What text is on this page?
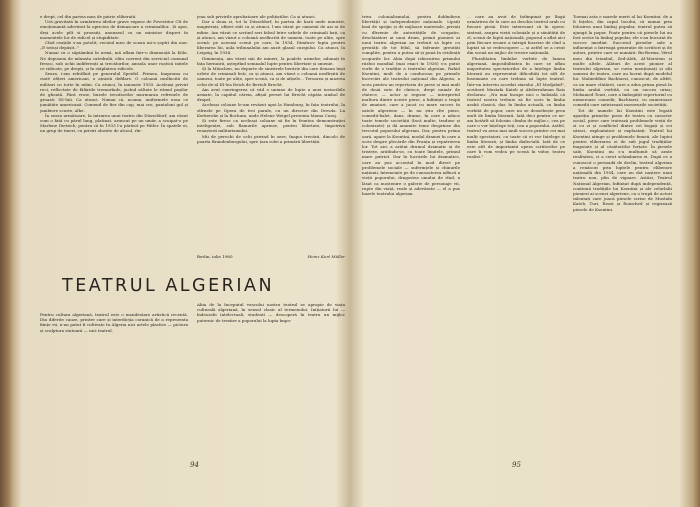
e drept, cel din partea mea de patrie eliberată.

Ură gravitată în urmărirea ideilor grave expuse de Povestitor Cît de emoționantă adevărat la apriciea de demascare a criminalilor.. Și apoi, deși acele pilt si proeaiți, anunaeul cu un ministor dispret în momentele lor de ridicol și stupiditate.

Cînd ovațiile s-au potolit, vecinul meu de scaun mi-a șoptit din nou: „E totuși depășit.."

Numai cu o săptămînă în urmă, mă aflam într-o dimineață la Köln. Ne depusem de mîunsta catedrală, eliiu coerent din serviciul comunal fresco, sub ochii indiferenți ai trecătorilor, amsola unor ruștică inițele ce ridicate, pe drepți, și în stăpînirea ridicole.

Seara, i-am reîntîlnit pe generalul Speidel. Primea, înaproma cu ciaté ofițeri americani, o ațnistă defilare. O coloană neslîncită de militari cu torte în mîini. Ca atunci, în ianuarie 1933. Aceleași priviri reci, reflectate de fălăriile tremurînde, jucînd săltate le ritmul pașilor de gheată. Fără vroie, buzele trecătorilor murmurau refrenele de groază: SS-luii. Ca atunci. Numai că, acuma, uniformele erau ce jumătăte americană. Comend de fier din cap, mai cru, pantaloni gul și jambiere scurte, albe.

În seara următoare, la intrarea unui teatru din Düsseldorf, am văzut cum o fată cu părul lung, platinat, aruncat pe un umăr, a scuipat-o pe Marlene Dietrich, pentru că în 1933 l-a părăsit pe Hitler. În spatele ei, un grup de tineri, cu priviri obosite de alcool, rîn-

jeau sub privirile aprobatoare ale polițiștilor. Ca și atunci.

Dar a doua zi, tot la Düsseldorf, în partea de bară unde ministri, magistrați, ofițeri stăt ca și atunci, l-am văzut pe oamenii de azi ai de mîine. Am văzut ce scriind seri falsul între urbele de criminali bați, ca și atunci, am văzut o coloană neslîncită de oameni, toate pe ulițe, spre scenă: pe aceeași scenă pe care, la 1934, Dimitrov lupta pentru liberarea lui, aula tribunalului am auzit glasul curajului. Ca atunci, la Leipzig, în 1934.

Dimineața, am văzut mii de mineri, la poalele uzinelor, adunați în fața hernuirii, așteptînd semnalul lupte pentru libertate și omenie.

Și la München, nu departe de sinistrele berărie din care ilenaun înșii urlete de criminali beți, ca și atunci, am văzut o coloană nesfîrșită de oameni, toate pe ulițe, spre scenă, ca și de afișele... Teroarea și mizeria celui de-al III-lea Reich de Bertolt Brecht.

Am avut convingerea că văd o uniune de lupte a unei invincibile armate, la capătul căreia, afișul preset lui Brecht căpăta simbol de drapel.

Aceleași coloane le-am revăzut apoi la Hamburg, în fața teatrului, la stîrnele pe Opera de trei parale, cu un director din Dresda. La Kerkerobe și la Bochum, unde Helene Weigel prezenta Mama Curaj.

Și este firesc ca aceleași coloane să fie în fruntea demonstrației inteligenței, sub flamurile aprinse, pentru libertate, împotriva renașterii militarismului.

Mii de perechi de ochi privind în sere, înapoi trecării, dincolo de poarta Brandenburgului, spre țara rolei a primării libertății.

Berlin, iulie 1960	Heinz Kurt Müller
TEATRUL ALGERIAN

Pentru cultura algeriană, teatrul este o manifestare artistică recentă. Din diferite cauze, printre care și interdicția coranică de a reprezenta ființe vii, n-au putut fi cultivate în Algeria nici artele plastice — pictura și sculptura statuară — nici teatrul.

Abia de la începutul veacului nostru teatrul se apropie de viața culturală algeriană, în sensul clasic al termenului. Inițiatorii lui — îndeosebi intelectuali, studenti — descoperă în teatru un mijloc puternic de treziire a poporului la lupta împo-

94

triva colonialismului, pentru dobîndirea libertății și independenței naționale. Lipsiți însă de sprijin și de mijloace materiale, privați cu dîrzenie de autoritățile de ocupație, deschizători ai unui drum, primii pionieri ai unui teatru algerian au trebuit să lupte cu greutăți de tot felul, să înfrunte greutăți cumplite, pentru a putea să-și pună în evidență scopurile lor. Abia după izbucnirea primului război mondial (mai exact în 1926) s-a putut vorbi de o tradiție a teatrului algerian. Rahid Ksentini, mult de a conduceau pe primele încercări ale teatrului național din Algeria, a scris pentru un repertoriu de piese și mai mult de două sute de cîntece, drept număr de cîntece, — actor și regizor — interpretul multora dintre aceste piese, a înființat o trupă de amatori, care a jucat cu mare succes în satele algeriene — în nu știu cîte piese, comedii-balet, dans, drame, în care a aduce toate temele societății (încă multe, traduse și colonizate) și dă anumite teme desprinse din trecutul poporului algerian. Dar, pentru prima oară, apare la Ksentini, modul dramei în care a scris despre plecările din Franța și repatrierea lor. Tot aici a arătat drumul dramatic și de tristețe, arătîndu-se, cu toate limitele, primul mare patriot. Dar în lucrările lui dramatice, care au pus accentul în mod direct pe problemele sociale — suferințele și chinurile națiunii, întemeiate pe de cunoașterea adîncă a vieții poporului, dragostea omului de rînd, a lăsat ca moștenire o galerie de personaje vii, rupte din viață, reale și adevărate — el a pus bazele teatrului algerian.

... care au avut de întîmpinat pe lîngă urmărirea de la care au deschis teatrul arab cu fiecare piesă. Este interesant că în opera-sinteză, asupra vieții coloniale și a sănătății de el, scenă de luptă națională, poporul a aflat aici prin fiecare eroare a intrigii înscrise de cînd a luptat să se redescopere — și astfel se a creat din scenă un mijloc de trezire națională.

Pluralitatea limbilor vorbite de lumea algeriană, imposibilitatea în care se aflau majoritatea spectatorilor de a înțelege limba literară au reprezentat dificultăți tot atît de însemnate cu care trebuia să lupte teatrul. Într-un interviu acordat ziarului „El Modjahid", scriitorii Mustafa Kateb și Abderrahman Rais declarau: „Nu mai încape nici o îndoială că teatrul nostru trebuie să fie scris în limba arabă clasică, dar, în limba actuală, cu limba vorbită de popor, care nu se deosebește prea mult de limba literară. Iată deci pentru ce ne-am hotărît să folosim «limba de mijloc», cea pe care o vor înțelege toți, cea a poporului. Astfel, teatrul va avea mai mult succes printre cei mai mulți spectatori, cu toate că ei vor înțelege și limba literară, și limba dialectală. Iată de ce este atît de importantă opera scriitorilor pe care îi vom vedea pe scenă în viitor, teatru realist."

Toemai asta e marele merit al lui Ksentini: de a fi înțeles, din capul locului, că numai prin folosirea unui limbaj popular, teatrul putea să ajungă la popor. Poate pentru că piesele lui au fost scrise în limbaj popular, ele s-au bucurat de succes imediat. Succesul pieselor sale a influențat o întreagă generație de scriitori și de autori, printre care se numără: Bu-Borma, Vérul meu din Istanbul, Zed-Alek, Al-Morstem și multe altele. Alături de acest pionier al teatrului algerian, se cuvin menționați și alți oameni de teatru, care au lucrat după modelul lui: Mahieddine Bachtarzi, cunoscut, de altfel, ca un mare cîntăreț, care a adus prima piesă în limba arabă vorbită, cu un succes uriaș; Mohamed Touri, care a îmbogățit repertoriul cu numeroase comedii; Bachtarzi, cu numeroase comedii care satirizează moravurile societății.

Tot de numele lui Ksentini este legată apariția primelor piese de teatru cu caracter social, piese care tratează problemele vieții de zi cu zi și conflictul dintre cei bogați și cei săraci, exploatatori și exploatați. Teatrul lui Ksentini atinge și problemele femeii, ale luptei pentru eliberarea ei de sub jugul tradițiilor înapoiate și al căsătoriilor forțate. În piesele sale, Ksentini nu s-a mulțumit să arate realitatea, ci a cerut schimbarea ei. După ce a cunoscut o perioadă de declin, teatrul algerian a renăscut prin luptele pentru eliberare națională din 1954, care au dat naștere unui teatru nou, plin de vigoare. Astăzi, Teatrul Național Algerian, înființat după independență, continuă tradițiile lui Ksentini și ale celorlalți pionieri ai scenei algeriene, cu o trupă de actori talentați care joacă piesele scrise de Mustafa Kateb, Turi, Rezzi și Rouiched și regizează piesele de Ksentini.

95
